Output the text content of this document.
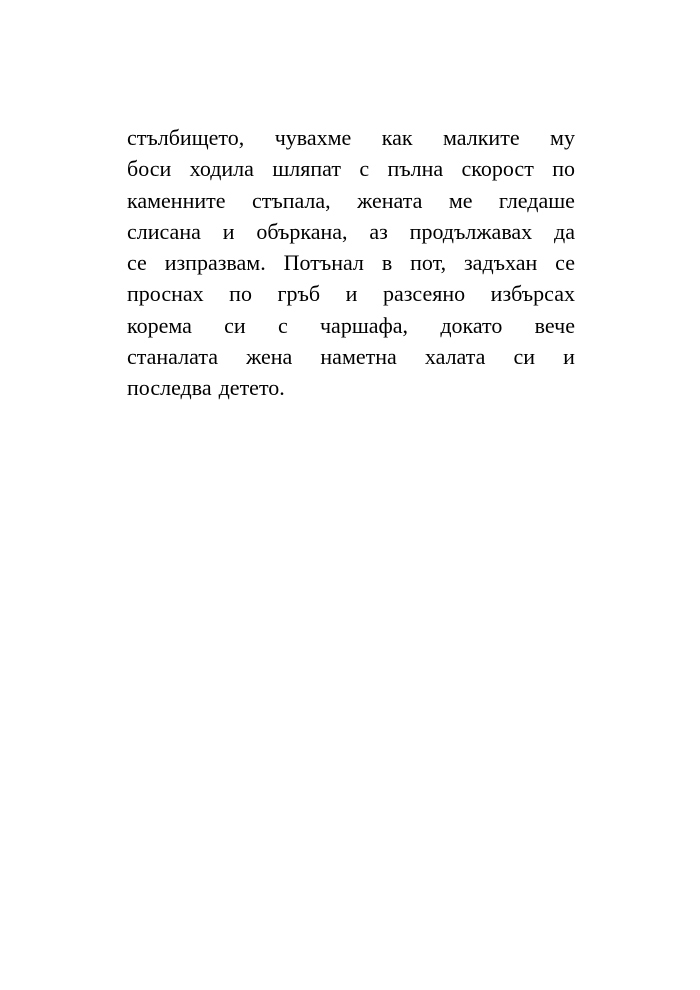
стълбището, чувахме как малките му
боси ходила шляпат с пълна скорост по
каменните стъпала, жената ме гледаше
слисана и объркана, аз продължавах да
се изпразвам. Потънал в пот, задъхан се
проснах по гръб и разсеяно избърсах
корема си с чаршафа, докато вече
станалата жена наметна халата си и
последва детето.
